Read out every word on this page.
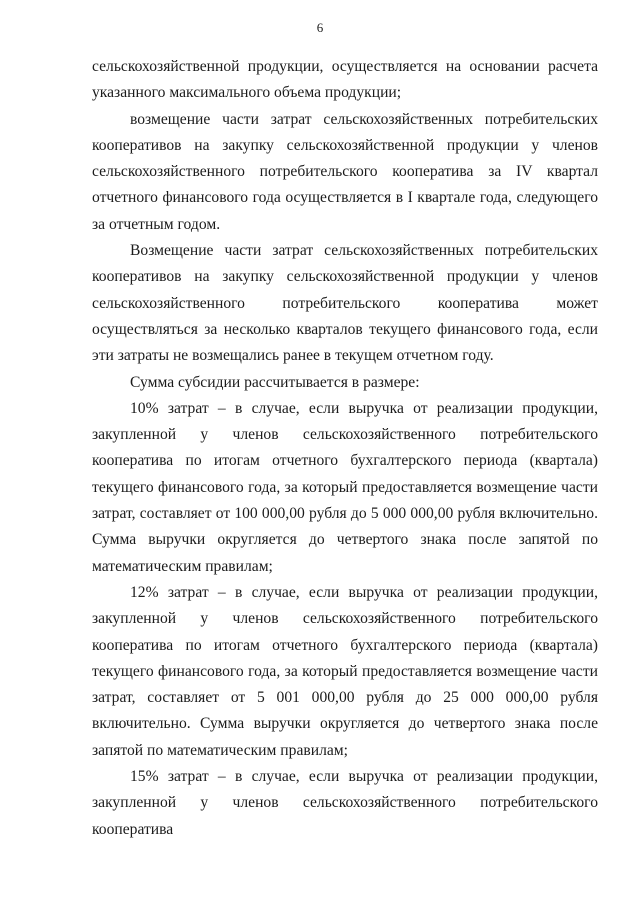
6

сельскохозяйственной продукции, осуществляется на основании расчета указанного максимального объема продукции;

возмещение части затрат сельскохозяйственных потребительских кооперативов на закупку сельскохозяйственной продукции у членов сельскохозяйственного потребительского кооператива за IV квартал отчетного финансового года осуществляется в I квартале года, следующего за отчетным годом.

Возмещение части затрат сельскохозяйственных потребительских кооперативов на закупку сельскохозяйственной продукции у членов сельскохозяйственного потребительского кооператива может осуществляться за несколько кварталов текущего финансового года, если эти затраты не возмещались ранее в текущем отчетном году.

Сумма субсидии рассчитывается в размере:

10% затрат – в случае, если выручка от реализации продукции, закупленной у членов сельскохозяйственного потребительского кооператива по итогам отчетного бухгалтерского периода (квартала) текущего финансового года, за который предоставляется возмещение части затрат, составляет от 100 000,00 рубля до 5 000 000,00 рубля включительно. Сумма выручки округляется до четвертого знака после запятой по математическим правилам;

12% затрат – в случае, если выручка от реализации продукции, закупленной у членов сельскохозяйственного потребительского кооператива по итогам отчетного бухгалтерского периода (квартала) текущего финансового года, за который предоставляется возмещение части затрат, составляет от 5 001 000,00 рубля до 25 000 000,00 рубля включительно. Сумма выручки округляется до четвертого знака после запятой по математическим правилам;

15% затрат – в случае, если выручка от реализации продукции, закупленной у членов сельскохозяйственного потребительского кооператива
